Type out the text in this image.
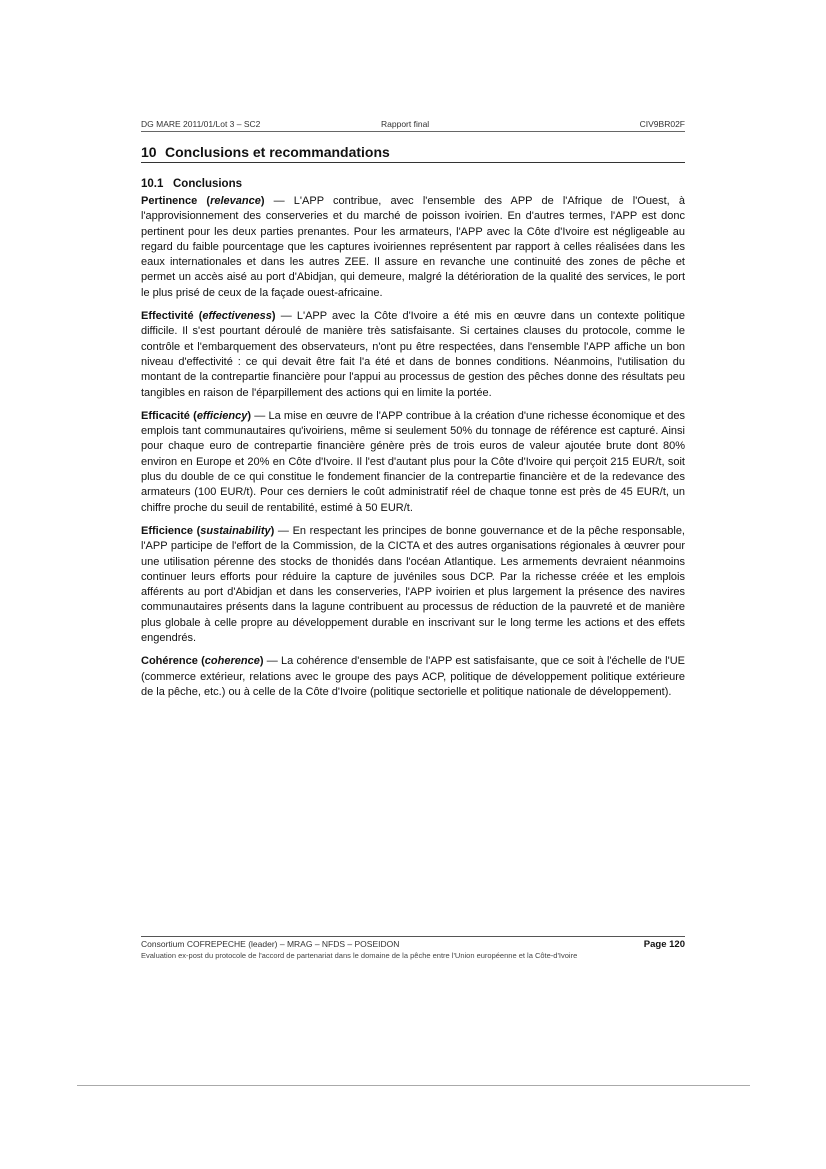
DG MARE 2011/01/Lot 3 – SC2	Rapport final	CIV9BR02F
10 Conclusions et recommandations
10.1 Conclusions

Pertinence (relevance) — L'APP contribue, avec l'ensemble des APP de l'Afrique de l'Ouest, à l'approvisionnement des conserveries et du marché de poisson ivoirien. En d'autres termes, l'APP est donc pertinent pour les deux parties prenantes. Pour les armateurs, l'APP avec la Côte d'Ivoire est négligeable au regard du faible pourcentage que les captures ivoiriennes représentent par rapport à celles réalisées dans les eaux internationales et dans les autres ZEE. Il assure en revanche une continuité des zones de pêche et permet un accès aisé au port d'Abidjan, qui demeure, malgré la détérioration de la qualité des services, le port le plus prisé de ceux de la façade ouest-africaine.

Effectivité (effectiveness) — L'APP avec la Côte d'Ivoire a été mis en œuvre dans un contexte politique difficile. Il s'est pourtant déroulé de manière très satisfaisante. Si certaines clauses du protocole, comme le contrôle et l'embarquement des observateurs, n'ont pu être respectées, dans l'ensemble l'APP affiche un bon niveau d'effectivité : ce qui devait être fait l'a été et dans de bonnes conditions. Néanmoins, l'utilisation du montant de la contrepartie financière pour l'appui au processus de gestion des pêches donne des résultats peu tangibles en raison de l'éparpillement des actions qui en limite la portée.

Efficacité (efficiency) — La mise en œuvre de l'APP contribue à la création d'une richesse économique et des emplois tant communautaires qu'ivoiriens, même si seulement 50% du tonnage de référence est capturé. Ainsi pour chaque euro de contrepartie financière génère près de trois euros de valeur ajoutée brute dont 80% environ en Europe et 20% en Côte d'Ivoire. Il l'est d'autant plus pour la Côte d'Ivoire qui perçoit 215 EUR/t, soit plus du double de ce qui constitue le fondement financier de la contrepartie financière et de la redevance des armateurs (100 EUR/t). Pour ces derniers le coût administratif réel de chaque tonne est près de 45 EUR/t, un chiffre proche du seuil de rentabilité, estimé à 50 EUR/t.

Efficience (sustainability) — En respectant les principes de bonne gouvernance et de la pêche responsable, l'APP participe de l'effort de la Commission, de la CICTA et des autres organisations régionales à œuvrer pour une utilisation pérenne des stocks de thonidés dans l'océan Atlantique. Les armements devraient néanmoins continuer leurs efforts pour réduire la capture de juvéniles sous DCP. Par la richesse créée et les emplois afférents au port d'Abidjan et dans les conserveries, l'APP ivoirien et plus largement la présence des navires communautaires présents dans la lagune contribuent au processus de réduction de la pauvreté et de manière plus globale à celle propre au développement durable en inscrivant sur le long terme les actions et des effets engendrés.

Cohérence (coherence) — La cohérence d'ensemble de l'APP est satisfaisante, que ce soit à l'échelle de l'UE (commerce extérieur, relations avec le groupe des pays ACP, politique de développement politique extérieure de la pêche, etc.) ou à celle de la Côte d'Ivoire (politique sectorielle et politique nationale de développement).

Consortium COFREPECHE (leader) – MRAG – NFDS – POSEIDON	Page 120
Evaluation ex-post du protocole de l'accord de partenariat dans le domaine de la pêche entre l'Union européenne et la Côte-d'Ivoire
